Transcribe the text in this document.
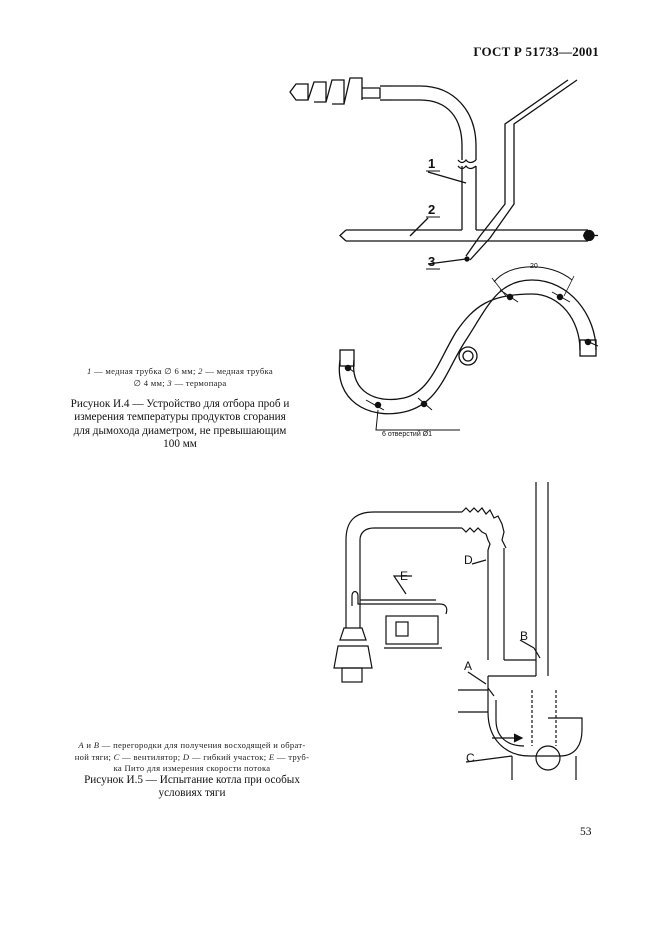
ГОСТ Р 51733—2001
1
2
3	20
6 отверстий Ø1
E
D
B
A
C
1 — медная трубка ∅ 6 мм; 2 — медная трубка
∅ 4 мм; 3 — термопара
Рисунок И.4 — Устройство для отбора проб и
измерения температуры продуктов сгорания
для дымохода диаметром, не превышающим
100 мм
A и B — перегородки для получения восходящей и обрат-
ной тяги; C — вентилятор; D — гибкий участок; E — труб-
ка Пито для измерения скорости потока
Рисунок И.5 — Испытание котла при особых
условиях тяги
53
